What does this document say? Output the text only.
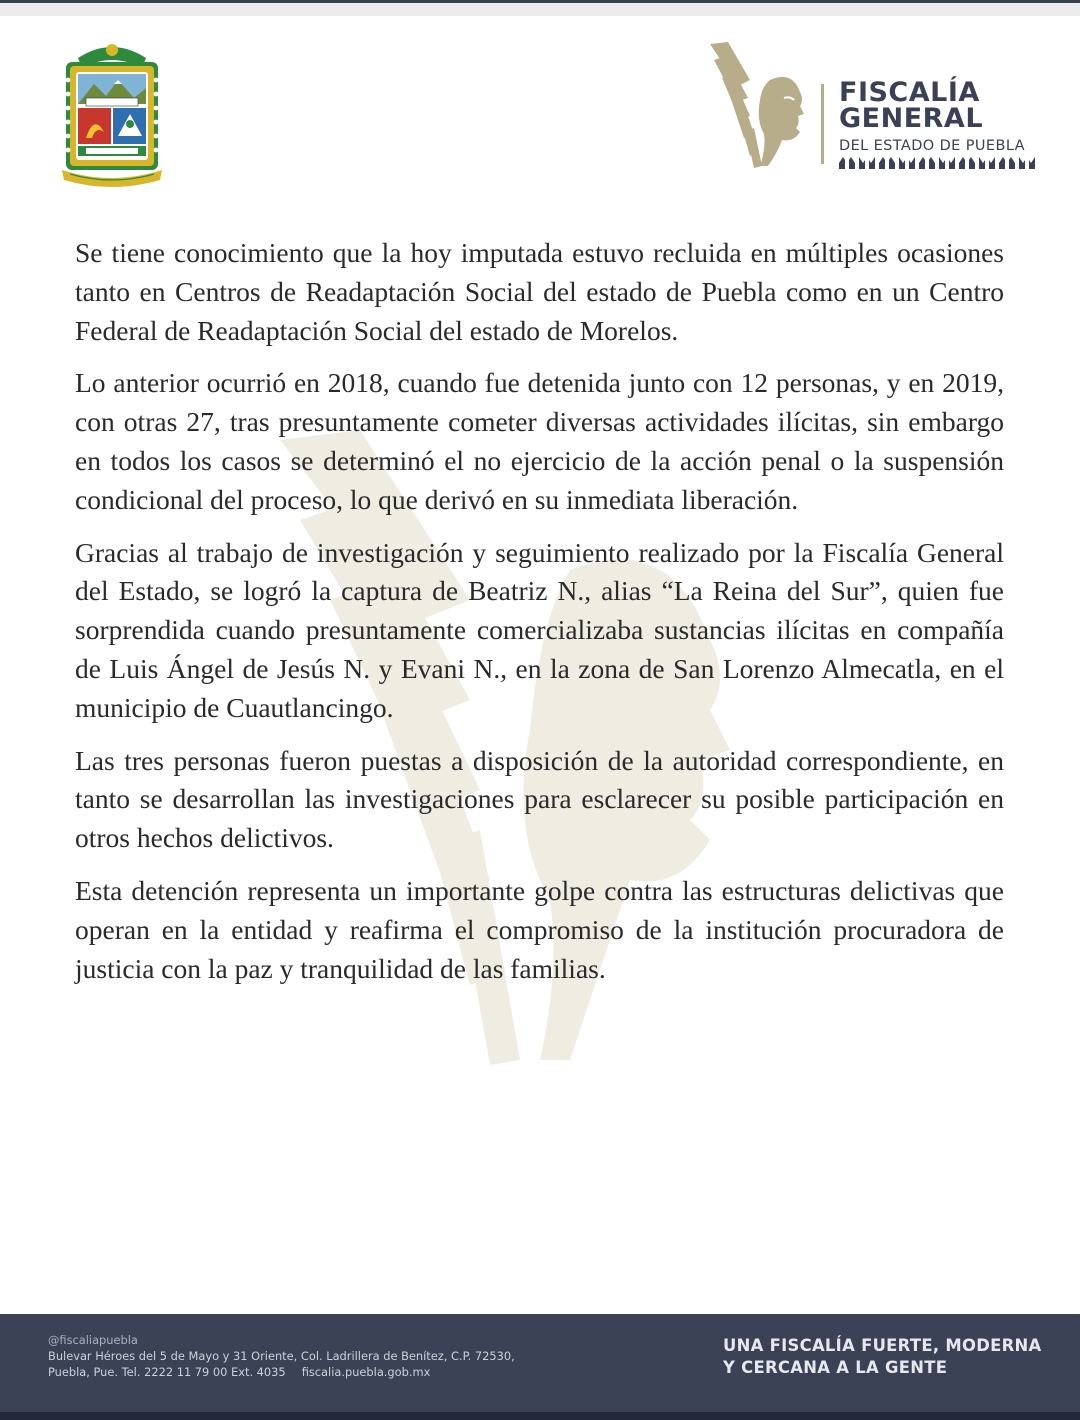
FISCALÍA
GENERAL
DEL ESTADO DE PUEBLA

Se tiene conocimiento que la hoy imputada estuvo recluida en múltiples ocasiones tanto en Centros de Readaptación Social del estado de Puebla como en un Centro Federal de Readaptación Social del estado de Morelos.

Lo anterior ocurrió en 2018, cuando fue detenida junto con 12 personas, y en 2019, con otras 27, tras presuntamente cometer diversas actividades ilícitas, sin embargo en todos los casos se determinó el no ejercicio de la acción penal o la suspensión condicional del proceso, lo que derivó en su inmediata liberación.

Gracias al trabajo de investigación y seguimiento realizado por la Fiscalía General del Estado, se logró la captura de Beatriz N., alias “La Reina del Sur”, quien fue sorprendida cuando presuntamente comercializaba sustancias ilícitas en compañía de Luis Ángel de Jesús N. y Evani N., en la zona de San Lorenzo Almecatla, en el municipio de Cuautlancingo.

Las tres personas fueron puestas a disposición de la autoridad correspondiente, en tanto se desarrollan las investigaciones para esclarecer su posible participación en otros hechos delictivos.

Esta detención representa un importante golpe contra las estructuras delictivas que operan en la entidad y reafirma el compromiso de la institución procuradora de justicia con la paz y tranquilidad de las familias.

@fiscaliapuebla
Bulevar Héroes del 5 de Mayo y 31 Oriente, Col. Ladrillera de Benítez, C.P. 72530,
Puebla, Pue. Tel. 2222 11 79 00 Ext. 4035 fiscalia.puebla.gob.mx
UNA FISCALÍA FUERTE, MODERNA
Y CERCANA A LA GENTE
